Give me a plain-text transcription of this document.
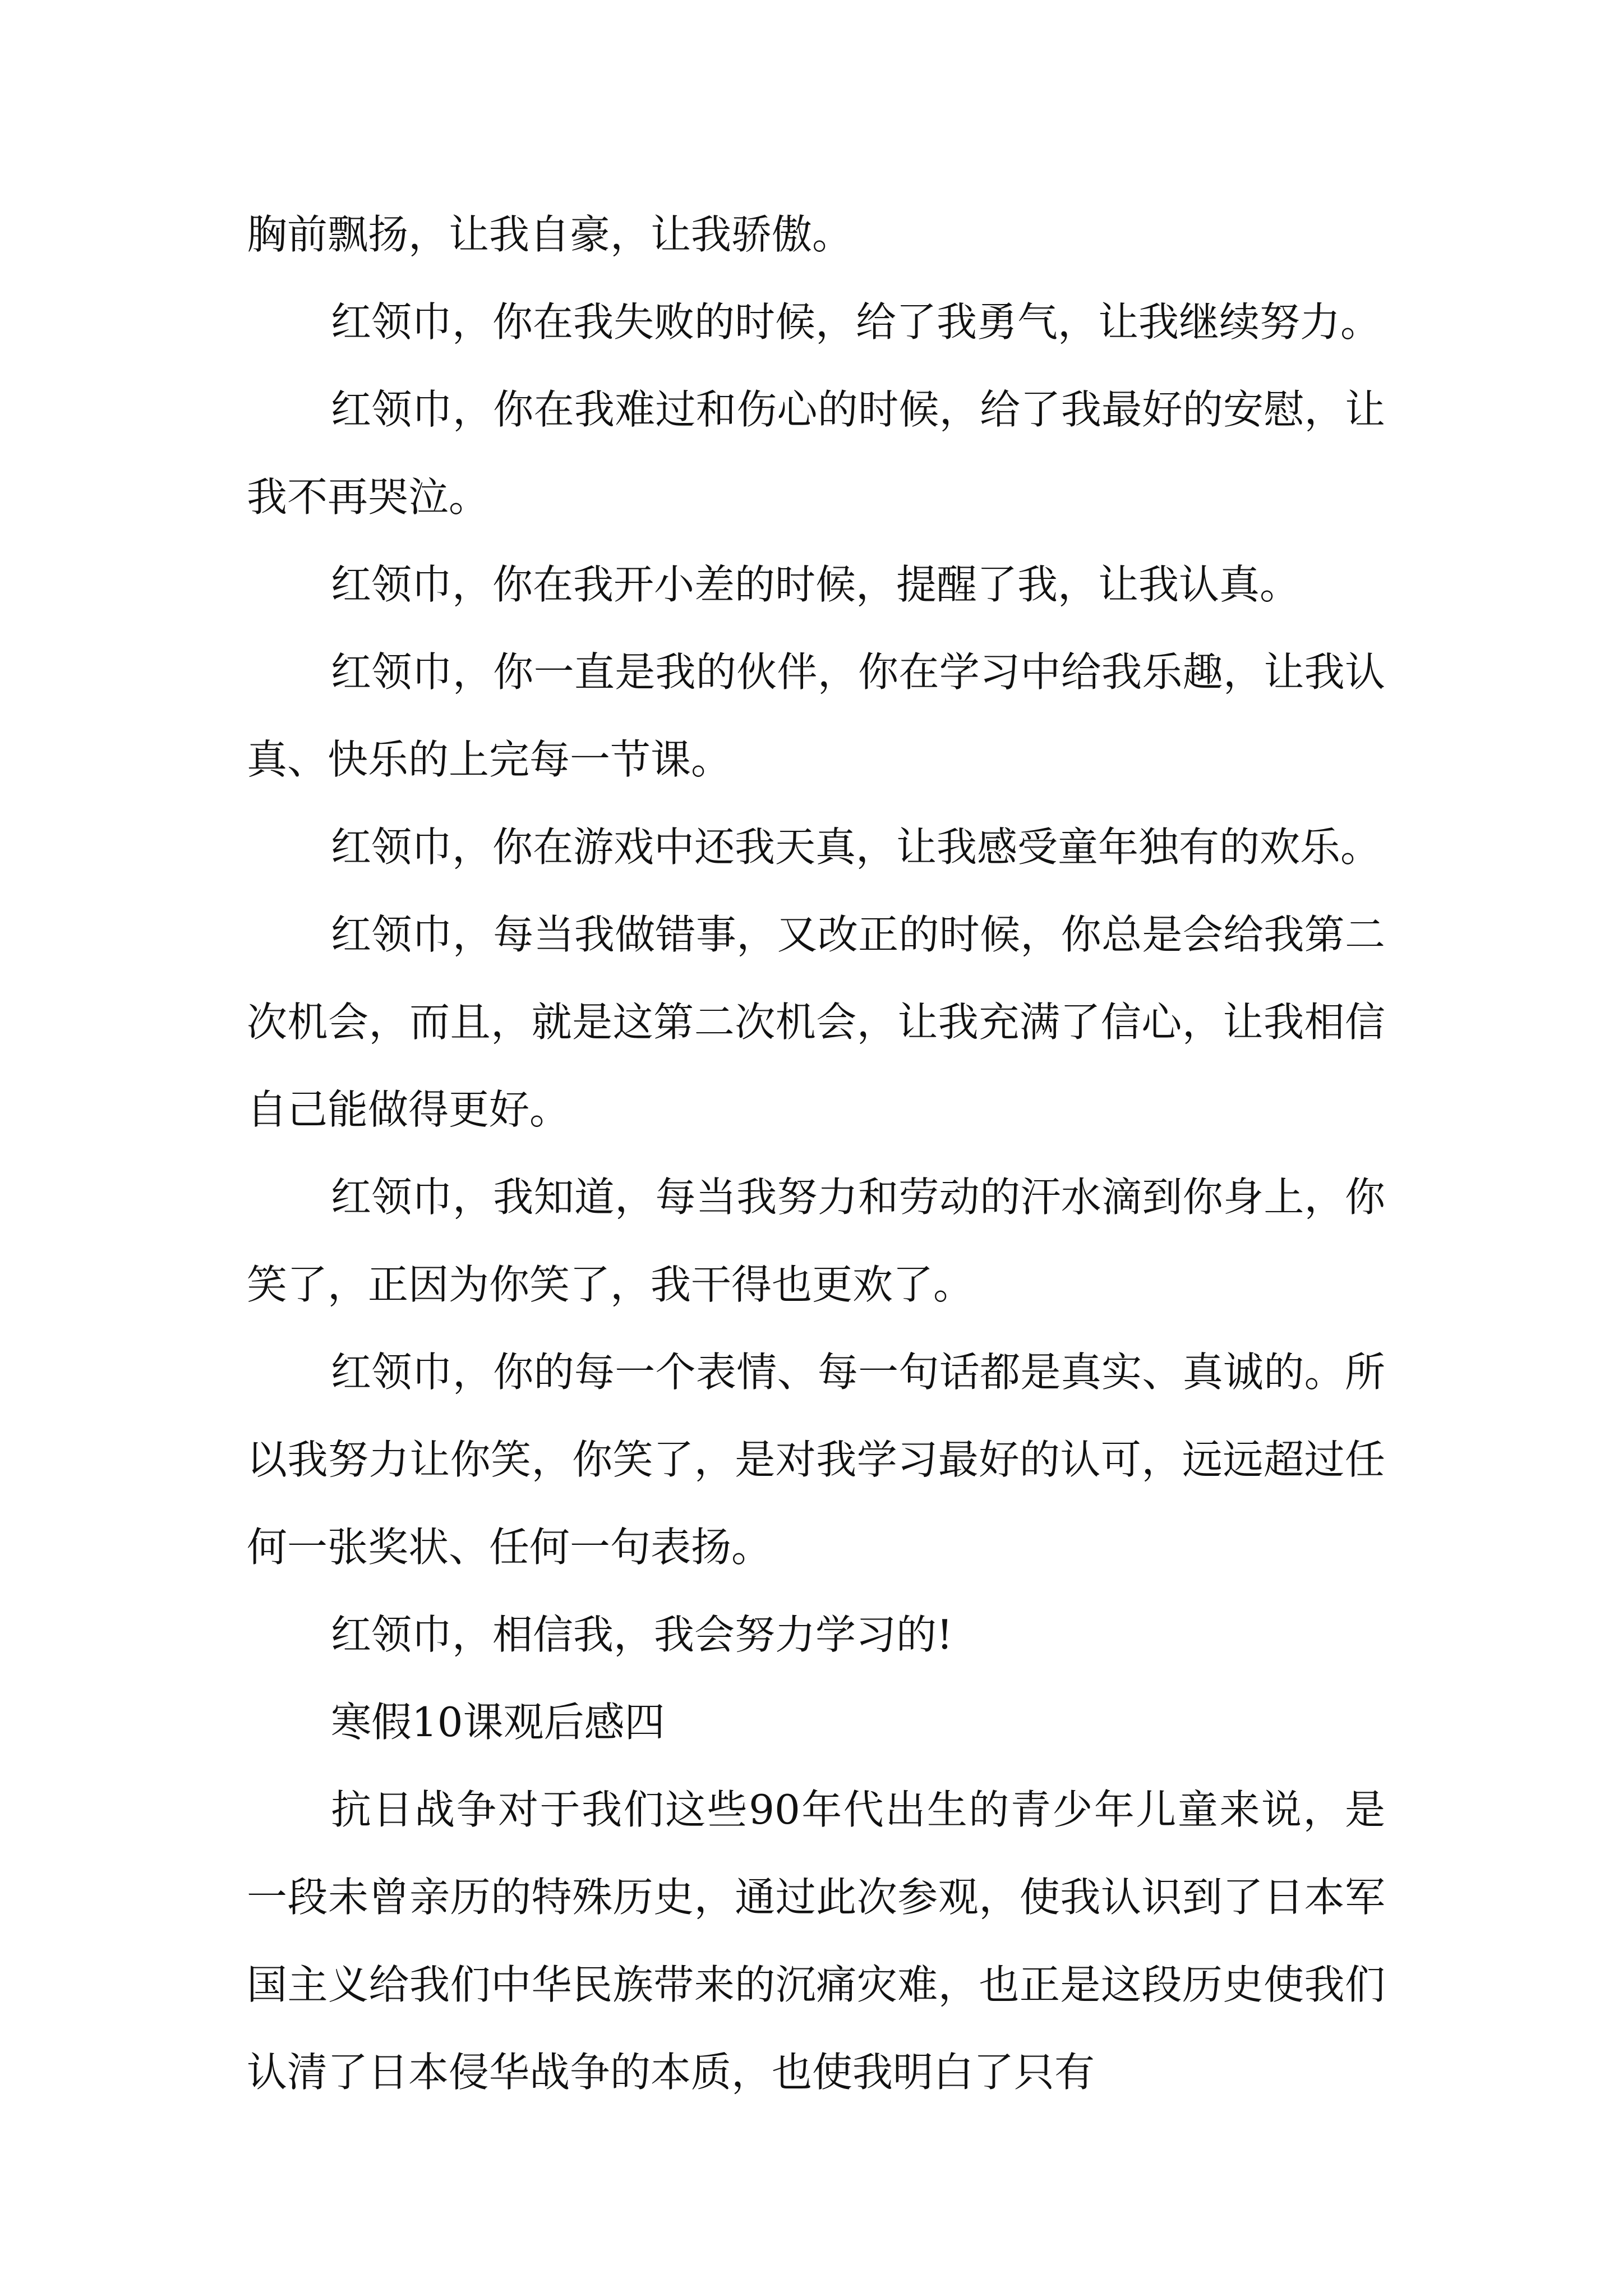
胸前飘扬，让我自豪，让我骄傲。

红领巾，你在我失败的时候，给了我勇气，让我继续努力。

红领巾，你在我难过和伤心的时候，给了我最好的安慰，让我不再哭泣。

红领巾，你在我开小差的时候，提醒了我，让我认真。

红领巾，你一直是我的伙伴，你在学习中给我乐趣，让我认真、快乐的上完每一节课。

红领巾，你在游戏中还我天真，让我感受童年独有的欢乐。

红领巾，每当我做错事，又改正的时候，你总是会给我第二次机会，而且，就是这第二次机会，让我充满了信心，让我相信自己能做得更好。

红领巾，我知道，每当我努力和劳动的汗水滴到你身上，你笑了，正因为你笑了，我干得也更欢了。

红领巾，你的每一个表情、每一句话都是真实、真诚的。所以我努力让你笑，你笑了，是对我学习最好的认可，远远超过任何一张奖状、任何一句表扬。

红领巾，相信我，我会努力学习的!

寒假10课观后感四

抗日战争对于我们这些90年代出生的青少年儿童来说，是一段未曾亲历的特殊历史，通过此次参观，使我认识到了日本军国主义给我们中华民族带来的沉痛灾难，也正是这段历史使我们认清了日本侵华战争的本质，也使我明白了只有
